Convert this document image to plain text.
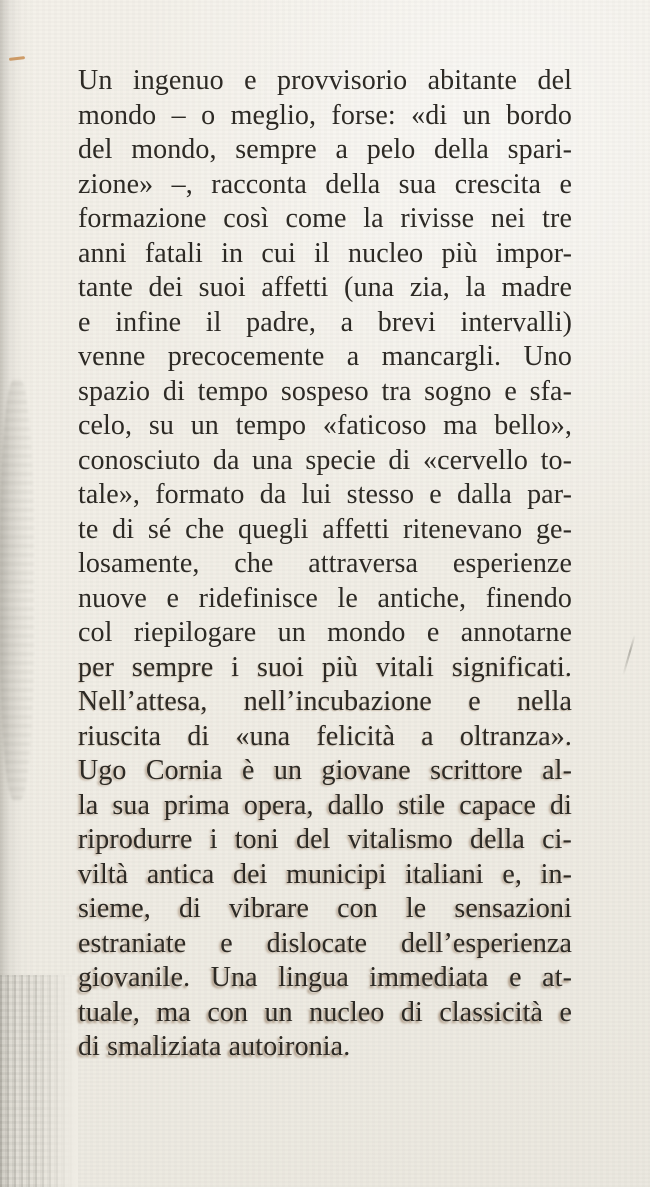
Un ingenuo e provvisorio abitante del
mondo – o meglio, forse: «di un bordo
del mondo, sempre a pelo della spari-
zione» –, racconta della sua crescita e
formazione così come la rivisse nei tre
anni fatali in cui il nucleo più impor-
tante dei suoi affetti (una zia, la madre
e infine il padre, a brevi intervalli)
venne precocemente a mancargli. Uno
spazio di tempo sospeso tra sogno e sfa-
celo, su un tempo «faticoso ma bello»,
conosciuto da una specie di «cervello to-
tale», formato da lui stesso e dalla par-
te di sé che quegli affetti ritenevano ge-
losamente, che attraversa esperienze
nuove e ridefinisce le antiche, finendo
col riepilogare un mondo e annotarne
per sempre i suoi più vitali significati.
Nell’attesa, nell’incubazione e nella
riuscita di «una felicità a oltranza».
Ugo Cornia è un giovane scrittore al-
la sua prima opera, dallo stile capace di
riprodurre i toni del vitalismo della ci-
viltà antica dei municipi italiani e, in-
sieme, di vibrare con le sensazioni
estraniate e dislocate dell’esperienza
giovanile. Una lingua immediata e at-
tuale, ma con un nucleo di classicità e
di smaliziata autoironia.
